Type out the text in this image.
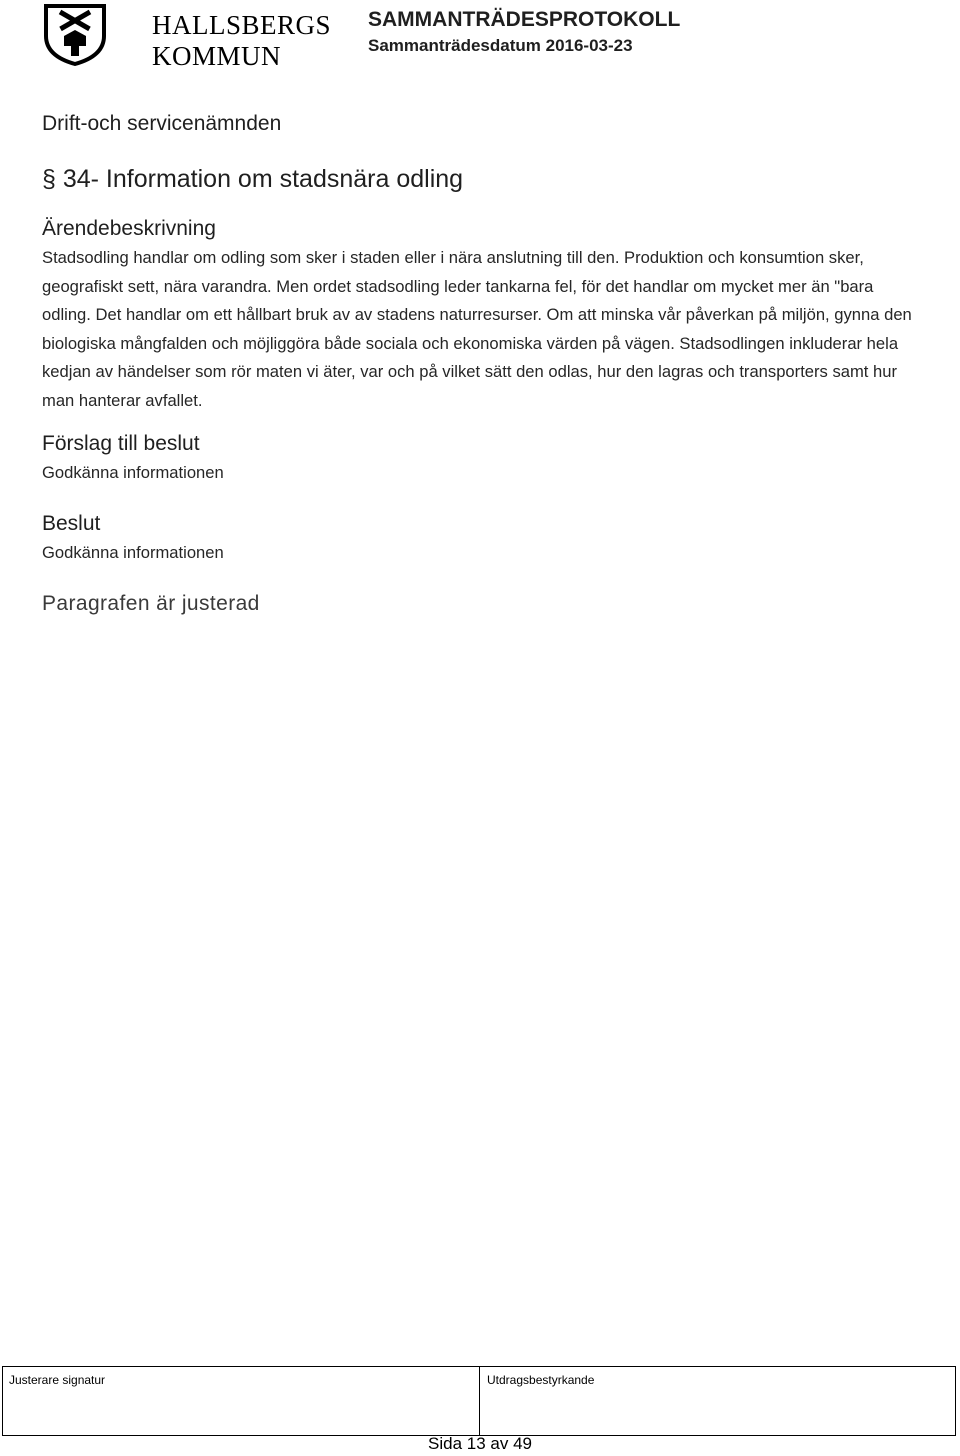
HALLSBERGS
KOMMUN
SAMMANTRÄDESPROTOKOLL
Sammanträdesdatum 2016-03-23
Drift-och servicenämnden
§ 34- Information om stadsnära odling
Ärendebeskrivning

Stadsodling handlar om odling som sker i staden eller i nära anslutning till den. Produktion och konsumtion sker, geografiskt sett, nära varandra. Men ordet stadsodling leder tankarna fel, för det handlar om mycket mer än "bara odling. Det handlar om ett hållbart bruk av av stadens naturresurser. Om att minska vår påverkan på miljön, gynna den biologiska mångfalden och möjliggöra både sociala och ekonomiska värden på vägen. Stadsodlingen inkluderar hela kedjan av händelser som rör maten vi äter, var och på vilket sätt den odlas, hur den lagras och transporters samt hur man hanterar avfallet.

Förslag till beslut

Godkänna informationen

Beslut

Godkänna informationen

Paragrafen är justerad
Justerare signatur	Utdragsbestyrkande
Sida 13 av 49
